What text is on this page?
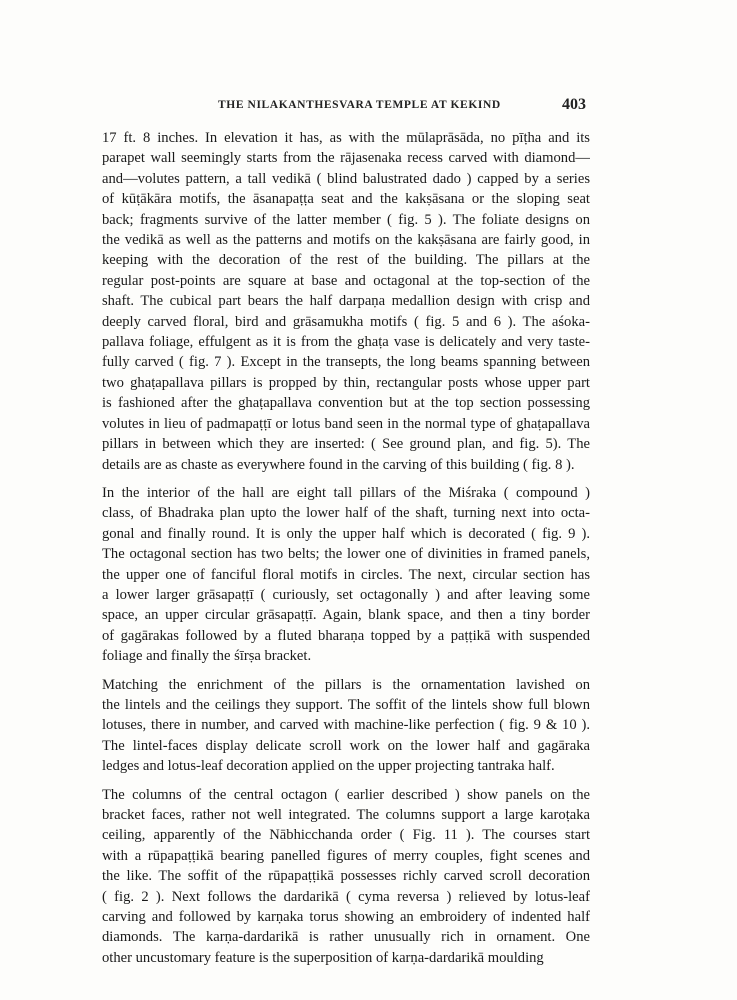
THE NILAKANTHESVARA TEMPLE AT KEKIND	403
17 ft. 8 inches. In elevation it has, as with the mūlaprāsāda, no pīṭha and its
parapet wall seemingly starts from the rājasenaka recess carved with diamond—
and—volutes pattern, a tall vedikā ( blind balustrated dado ) capped by a series
of kūṭākāra motifs, the āsanapaṭṭa seat and the kakṣāsana or the sloping seat
back; fragments survive of the latter member ( fig. 5 ). The foliate designs on
the vedikā as well as the patterns and motifs on the kakṣāsana are fairly good, in
keeping with the decoration of the rest of the building. The pillars at the
regular post-points are square at base and octagonal at the top-section of the
shaft. The cubical part bears the half darpaṇa medallion design with crisp and
deeply carved floral, bird and grāsamukha motifs ( fig. 5 and 6 ). The aśoka-
pallava foliage, effulgent as it is from the ghaṭa vase is delicately and very taste-
fully carved ( fig. 7 ). Except in the transepts, the long beams spanning between
two ghaṭapallava pillars is propped by thin, rectangular posts whose upper part
is fashioned after the ghaṭapallava convention but at the top section possessing
volutes in lieu of padmapaṭṭī or lotus band seen in the normal type of ghaṭapallava
pillars in between which they are inserted: ( See ground plan, and fig. 5). The
details are as chaste as everywhere found in the carving of this building ( fig. 8 ).
In the interior of the hall are eight tall pillars of the Miśraka ( compound )
class, of Bhadraka plan upto the lower half of the shaft, turning next into octa-
gonal and finally round. It is only the upper half which is decorated ( fig. 9 ).
The octagonal section has two belts; the lower one of divinities in framed panels,
the upper one of fanciful floral motifs in circles. The next, circular section has
a lower larger grāsapaṭṭī ( curiously, set octagonally ) and after leaving some
space, an upper circular grāsapaṭṭī. Again, blank space, and then a tiny border
of gagārakas followed by a fluted bharaṇa topped by a paṭṭikā with suspended
foliage and finally the śīrṣa bracket.
Matching the enrichment of the pillars is the ornamentation lavished on
the lintels and the ceilings they support. The soffit of the lintels show full blown
lotuses, there in number, and carved with machine-like perfection ( fig. 9 & 10 ).
The lintel-faces display delicate scroll work on the lower half and gagāraka
ledges and lotus-leaf decoration applied on the upper projecting tantraka half.
The columns of the central octagon ( earlier described ) show panels on the
bracket faces, rather not well integrated. The columns support a large karoṭaka
ceiling, apparently of the Nābhicchanda order ( Fig. 11 ). The courses start
with a rūpapaṭṭikā bearing panelled figures of merry couples, fight scenes and
the like. The soffit of the rūpapaṭṭikā possesses richly carved scroll decoration
( fig. 2 ). Next follows the dardarikā ( cyma reversa ) relieved by lotus-leaf
carving and followed by karṇaka torus showing an embroidery of indented half
diamonds. The karṇa-dardarikā is rather unusually rich in ornament. One
other uncustomary feature is the superposition of karṇa-dardarikā moulding
